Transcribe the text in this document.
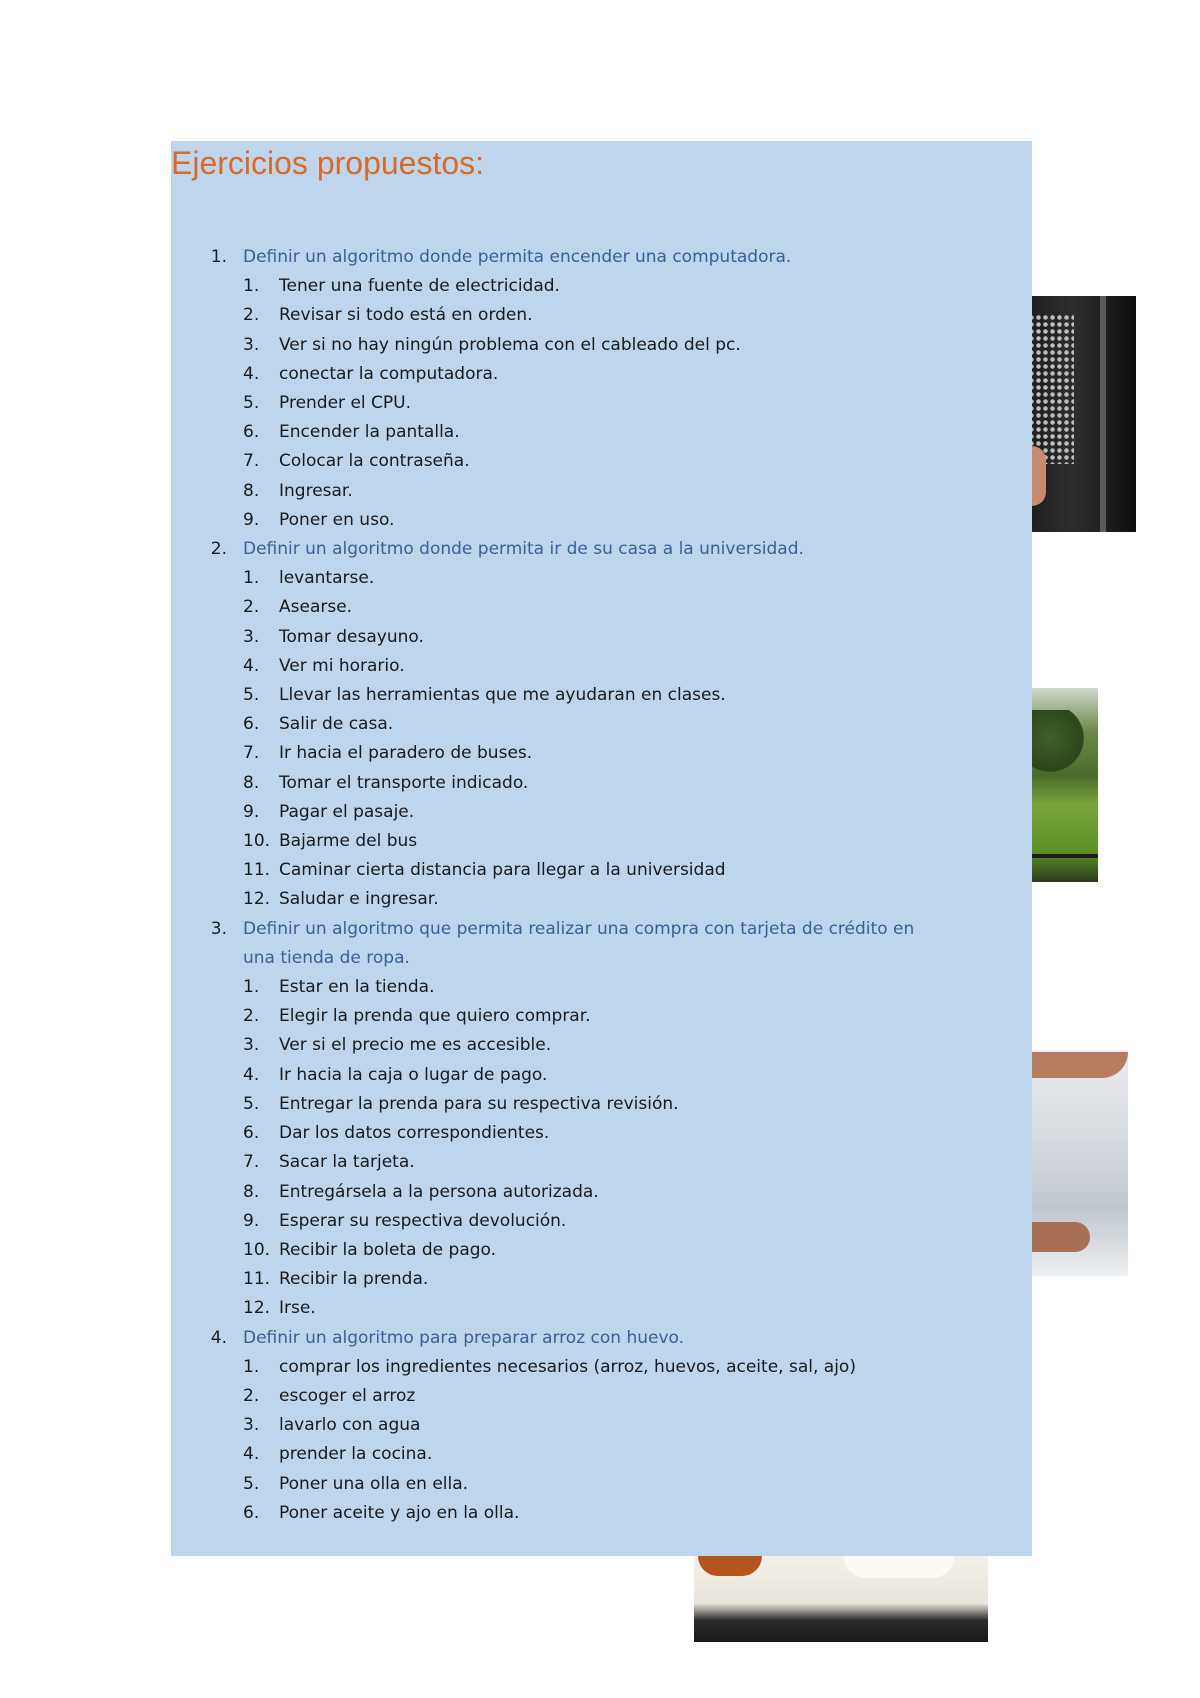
Ejercicios propuestos:
1. Definir un algoritmo donde permita encender una computadora.
1.	Tener una fuente de electricidad.
2.	Revisar si todo está en orden.
3.	Ver si no hay ningún problema con el cableado del pc.
4.	conectar la computadora.
5.	Prender el CPU.
6.	Encender la pantalla.
7.	Colocar la contraseña.
8.	Ingresar.
9.	Poner en uso.
2. Definir un algoritmo donde permita ir de su casa a la universidad.
1.	levantarse.
2.	Asearse.
3.	Tomar desayuno.
4.	Ver mi horario.
5.	Llevar las herramientas que me ayudaran en clases.
6.	Salir de casa.
7.	Ir hacia el paradero de buses.
8.	Tomar el transporte indicado.
9.	Pagar el pasaje.
10. Bajarme del bus
11. Caminar cierta distancia para llegar a la universidad
12. Saludar e ingresar.
3. Definir un algoritmo que permita realizar una compra con tarjeta de crédito en una tienda de ropa.
1.	Estar en la tienda.
2.	Elegir la prenda que quiero comprar.
3.	Ver si el precio me es accesible.
4.	Ir hacia la caja o lugar de pago.
5.	Entregar la prenda para su respectiva revisión.
6.	Dar los datos correspondientes.
7.	Sacar la tarjeta.
8.	Entregársela a la persona autorizada.
9.	Esperar su respectiva devolución.
10. Recibir la boleta de pago.
11. Recibir la prenda.
12. Irse.
4. Definir un algoritmo para preparar arroz con huevo.
1.	comprar los ingredientes necesarios (arroz, huevos, aceite, sal, ajo)
2.	escoger el arroz
3.	lavarlo con agua
4.	prender la cocina.
5.	Poner una olla en ella.
6.	Poner aceite y ajo en la olla.
